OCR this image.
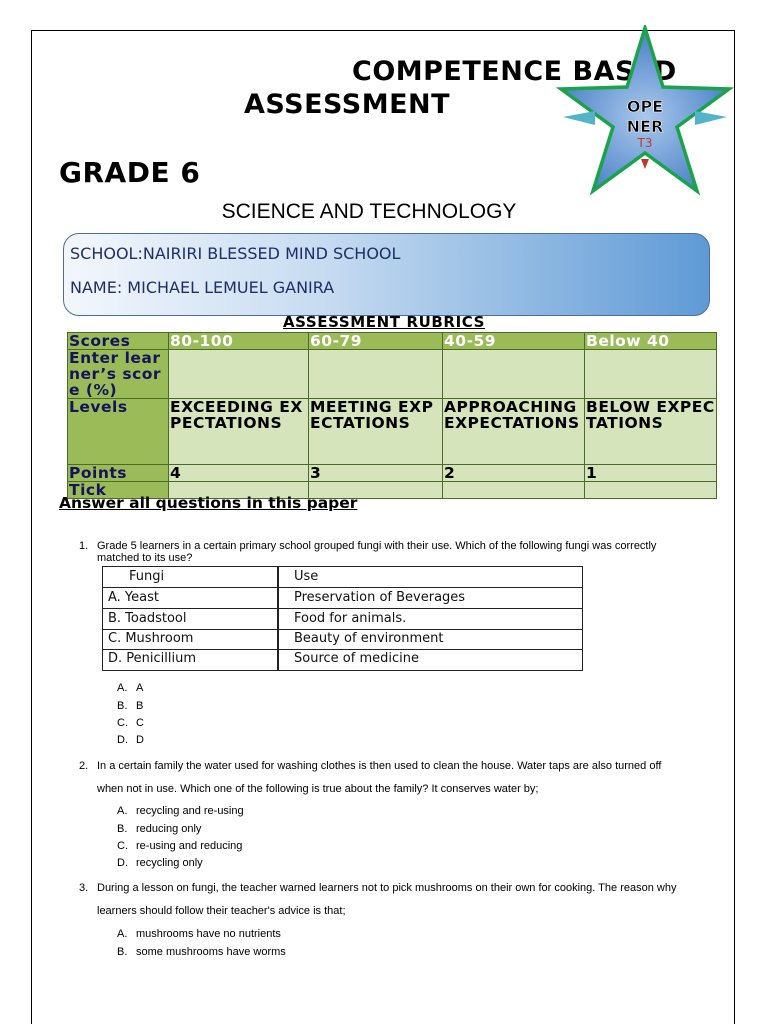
COMPETENCE BASED
ASSESSMENT	OPE
NER
T3
GRADE 6
SCIENCE AND TECHNOLOGY
SCHOOL:NAIRIRI BLESSED MIND SCHOOL
NAME: MICHAEL LEMUEL GANIRA
ASSESSMENT RUBRICS
Scores	80-100	60-79	40-59	Below 40
Enter learner’s score (%)				
Levels	EXCEEDING EXPECTATIONS	MEETING EXPECTATIONS	APPROACHING EXPECTATIONS	BELOW EXPECTATIONS
Points	4	3	2	1
Tick				
Answer all questions in this paper
1. Grade 5 learners in a certain primary school grouped fungi with their use. Which of the following fungi was correctly matched to its use?
Fungi	Use
A. Yeast	Preservation of Beverages
B. Toadstool	Food for animals.
C. Mushroom	Beauty of environment
D. Penicillium	Source of medicine
A. A
B. B
C. C
D. D
2. In a certain family the water used for washing clothes is then used to clean the house. Water taps are also turned off
when not in use. Which one of the following is true about the family? It conserves water by;
A. recycling and re-using
B. reducing only
C. re-using and reducing
D. recycling only
3. During a lesson on fungi, the teacher warned learners not to pick mushrooms on their own for cooking. The reason why
learners should follow their teacher's advice is that;
A. mushrooms have no nutrients
B. some mushrooms have worms
